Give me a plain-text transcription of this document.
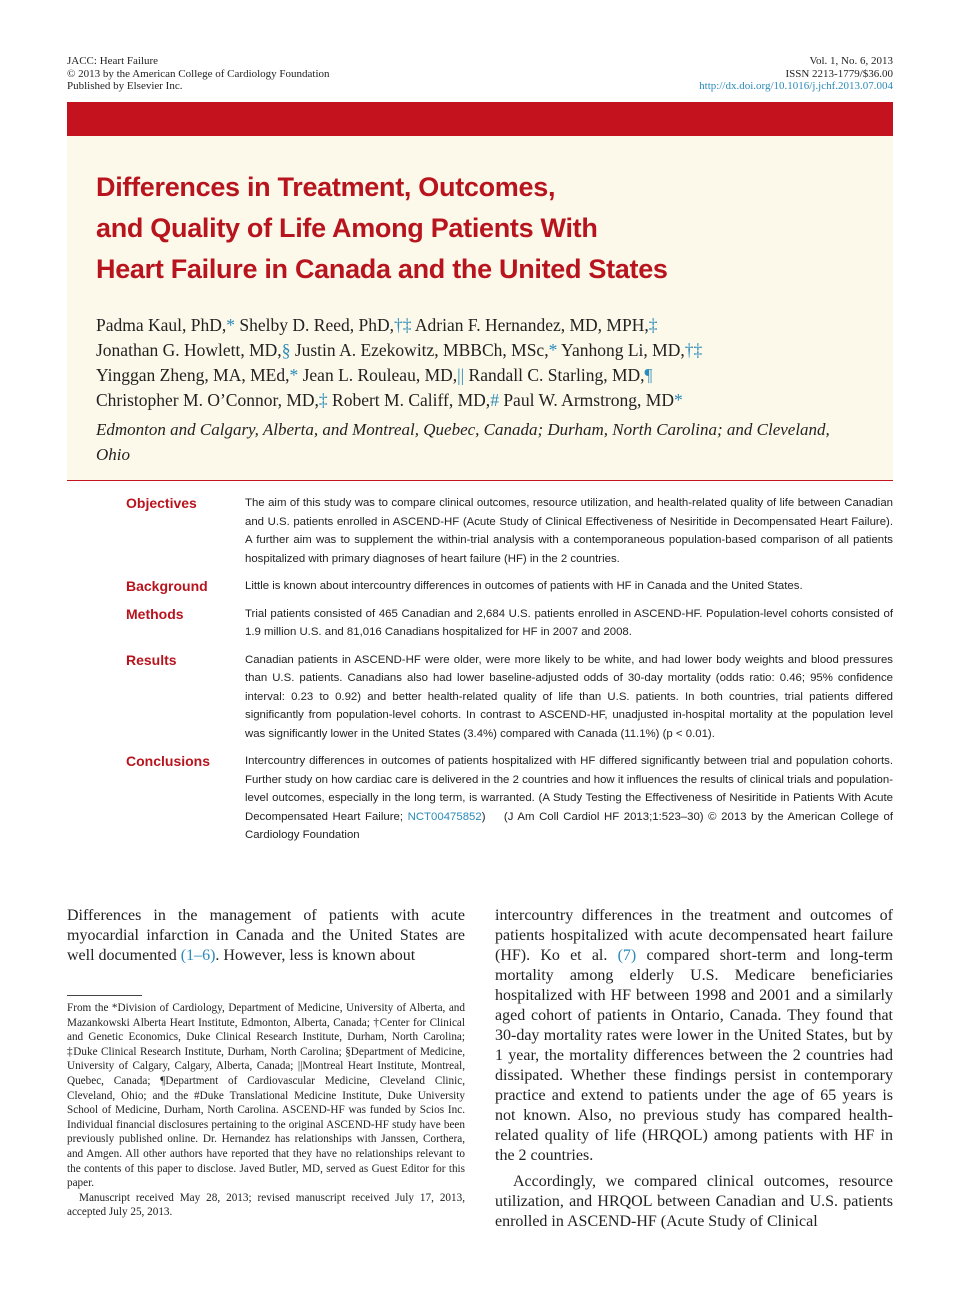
JACC: Heart Failure
© 2013 by the American College of Cardiology Foundation
Published by Elsevier Inc.
Vol. 1, No. 6, 2013
ISSN 2213-1779/$36.00
http://dx.doi.org/10.1016/j.jchf.2013.07.004
Differences in Treatment, Outcomes,
and Quality of Life Among Patients With
Heart Failure in Canada and the United States
Padma Kaul, PhD,* Shelby D. Reed, PhD,†‡ Adrian F. Hernandez, MD, MPH,‡
Jonathan G. Howlett, MD,§ Justin A. Ezekowitz, MBBCh, MSc,* Yanhong Li, MD,†‡
Yinggan Zheng, MA, MEd,* Jean L. Rouleau, MD,|| Randall C. Starling, MD,¶
Christopher M. O’Connor, MD,‡ Robert M. Califf, MD,# Paul W. Armstrong, MD*
Edmonton and Calgary, Alberta, and Montreal, Quebec, Canada; Durham, North Carolina; and Cleveland, Ohio
Objectives	The aim of this study was to compare clinical outcomes, resource utilization, and health-related quality of life between Canadian and U.S. patients enrolled in ASCEND-HF (Acute Study of Clinical Effectiveness of Nesiritide in Decompensated Heart Failure). A further aim was to supplement the within-trial analysis with a contemporaneous population-based comparison of all patients hospitalized with primary diagnoses of heart failure (HF) in the 2 countries.
Background	Little is known about intercountry differences in outcomes of patients with HF in Canada and the United States.
Methods	Trial patients consisted of 465 Canadian and 2,684 U.S. patients enrolled in ASCEND-HF. Population-level cohorts consisted of 1.9 million U.S. and 81,016 Canadians hospitalized for HF in 2007 and 2008.
Results	Canadian patients in ASCEND-HF were older, were more likely to be white, and had lower body weights and blood pressures than U.S. patients. Canadians also had lower baseline-adjusted odds of 30-day mortality (odds ratio: 0.46; 95% confidence interval: 0.23 to 0.92) and better health-related quality of life than U.S. patients. In both countries, trial patients differed significantly from population-level cohorts. In contrast to ASCEND-HF, unadjusted in-hospital mortality at the population level was significantly lower in the United States (3.4%) compared with Canada (11.1%) (p < 0.01).
Conclusions	Intercountry differences in outcomes of patients hospitalized with HF differed significantly between trial and population cohorts. Further study on how cardiac care is delivered in the 2 countries and how it influences the results of clinical trials and population-level outcomes, especially in the long term, is warranted. (A Study Testing the Effectiveness of Nesiritide in Patients With Acute Decompensated Heart Failure; NCT00475852)    (J Am Coll Cardiol HF 2013;1:523–30) © 2013 by the American College of Cardiology Foundation
Differences in the management of patients with acute myocardial infarction in Canada and the United States are well documented (1–6). However, less is known about

From the *Division of Cardiology, Department of Medicine, University of Alberta, and Mazankowski Alberta Heart Institute, Edmonton, Alberta, Canada; †Center for Clinical and Genetic Economics, Duke Clinical Research Institute, Durham, North Carolina; ‡Duke Clinical Research Institute, Durham, North Carolina; §Department of Medicine, University of Calgary, Calgary, Alberta, Canada; ||Montreal Heart Institute, Montreal, Quebec, Canada; ¶Department of Cardiovascular Medicine, Cleveland Clinic, Cleveland, Ohio; and the #Duke Translational Medicine Institute, Duke University School of Medicine, Durham, North Carolina. ASCEND-HF was funded by Scios Inc. Individual financial disclosures pertaining to the original ASCEND-HF study have been previously published online. Dr. Hernandez has relationships with Janssen, Corthera, and Amgen. All other authors have reported that they have no relationships relevant to the contents of this paper to disclose. Javed Butler, MD, served as Guest Editor for this paper.

Manuscript received May 28, 2013; revised manuscript received July 17, 2013, accepted July 25, 2013.

intercountry differences in the treatment and outcomes of patients hospitalized with acute decompensated heart failure (HF). Ko et al. (7) compared short-term and long-term mortality among elderly U.S. Medicare beneficiaries hospitalized with HF between 1998 and 2001 and a similarly aged cohort of patients in Ontario, Canada. They found that 30-day mortality rates were lower in the United States, but by 1 year, the mortality differences between the 2 countries had dissipated. Whether these findings persist in contemporary practice and extend to patients under the age of 65 years is not known. Also, no previous study has compared health-related quality of life (HRQOL) among patients with HF in the 2 countries.

Accordingly, we compared clinical outcomes, resource utilization, and HRQOL between Canadian and U.S. patients enrolled in ASCEND-HF (Acute Study of Clinical
